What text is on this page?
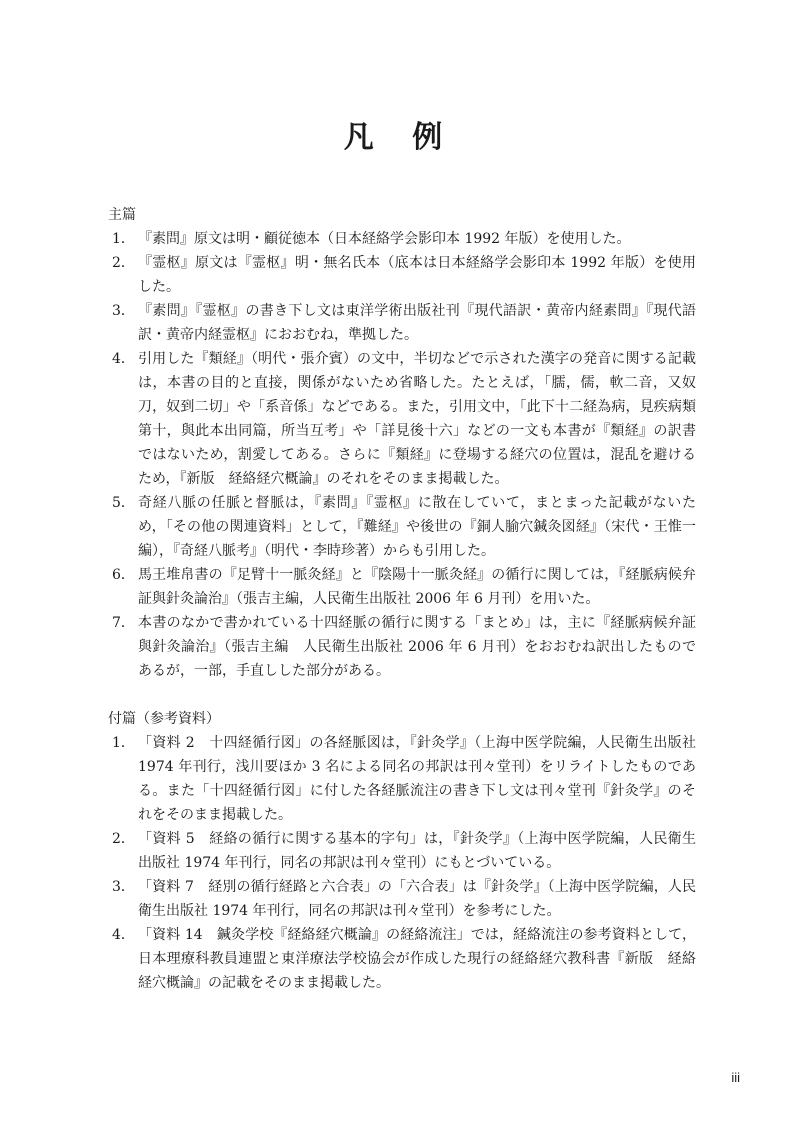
凡 例

主篇

1． 『素問』原文は明・顧従徳本（日本経絡学会影印本 1992 年版）を使用した。
2． 『霊枢』原文は『霊枢』明・無名氏本（底本は日本経絡学会影印本 1992 年版）を使用した。
3． 『素問』『霊枢』の書き下し文は東洋学術出版社刊『現代語訳・黄帝内経素問』『現代語訳・黄帝内経霊枢』におおむね，準拠した。
4． 引用した『類経』（明代・張介賓）の文中，半切などで示された漢字の発音に関する記載は，本書の目的と直接，関係がないため省略した。たとえば，「臑，儒，軟二音，又奴刀，奴到二切」や「系音係」などである。また，引用文中，「此下十二経為病，見疾病類第十，與此本出同篇，所当互考」や「詳見後十六」などの一文も本書が『類経』の訳書ではないため，割愛してある。さらに『類経』に登場する経穴の位置は，混乱を避けるため，『新版　経絡経穴概論』のそれをそのまま掲載した。
5． 奇経八脈の任脈と督脈は，『素問』『霊枢』に散在していて，まとまった記載がないため，「その他の関連資料」として，『難経』や後世の『銅人腧穴鍼灸図経』（宋代・王惟一編），『奇経八脈考』（明代・李時珍著）からも引用した。
6． 馬王堆帛書の『足臂十一脈灸経』と『陰陽十一脈灸経』の循行に関しては，『経脈病候弁証與針灸論治』（張吉主編，人民衛生出版社 2006 年 6 月刊）を用いた。
7． 本書のなかで書かれている十四経脈の循行に関する「まとめ」は，主に『経脈病候弁証與針灸論治』（張吉主編　人民衛生出版社 2006 年 6 月刊）をおおむね訳出したものであるが，一部，手直しした部分がある。

付篇（参考資料）

1． 「資料 2　十四経循行図」の各経脈図は，『針灸学』（上海中医学院編，人民衛生出版社 1974 年刊行，浅川要ほか 3 名による同名の邦訳は刊々堂刊）をリライトしたものである。また「十四経循行図」に付した各経脈流注の書き下し文は刊々堂刊『針灸学』のそれをそのまま掲載した。
2． 「資料 5　経絡の循行に関する基本的字句」は，『針灸学』（上海中医学院編，人民衛生出版社 1974 年刊行，同名の邦訳は刊々堂刊）にもとづいている。
3． 「資料 7　経別の循行経路と六合表」の「六合表」は『針灸学』（上海中医学院編，人民衛生出版社 1974 年刊行，同名の邦訳は刊々堂刊）を参考にした。
4． 「資料 14　鍼灸学校『経絡経穴概論』の経絡流注」では，経絡流注の参考資料として，日本理療科教員連盟と東洋療法学校協会が作成した現行の経絡経穴教科書『新版　経絡経穴概論』の記載をそのまま掲載した。
iii
